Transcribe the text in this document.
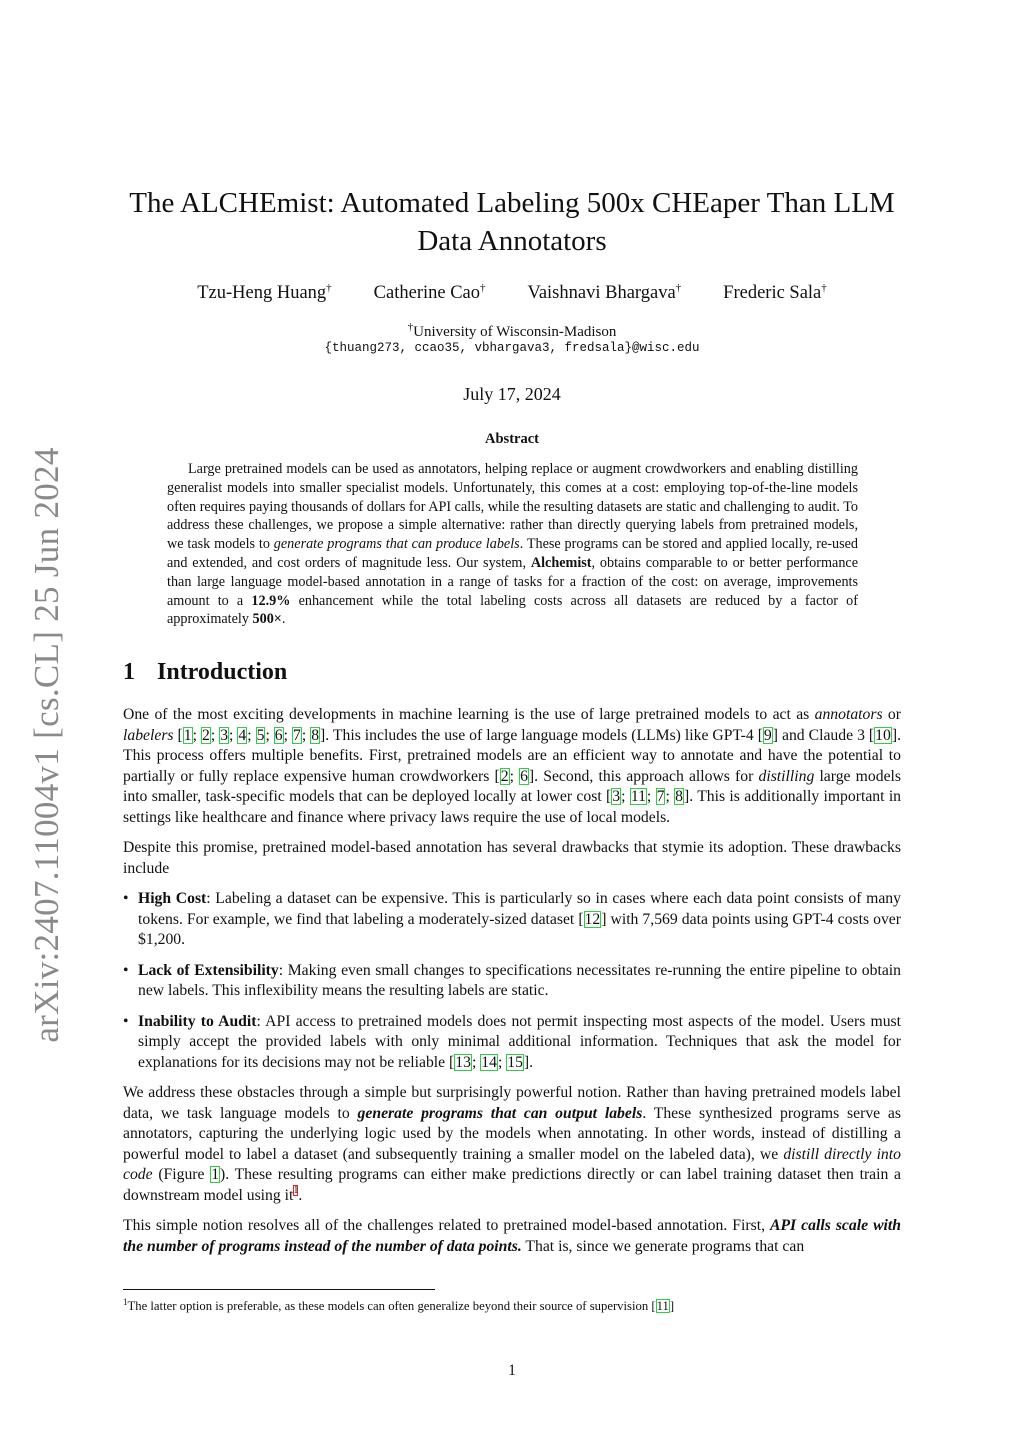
arXiv:2407.11004v1 [cs.CL] 25 Jun 2024
The ALCHEmist: Automated Labeling 500x CHEaper Than LLM
Data Annotators
Tzu-Heng Huang† Catherine Cao† Vaishnavi Bhargava† Frederic Sala†
†University of Wisconsin-Madison
{thuang273, ccao35, vbhargava3, fredsala}@wisc.edu
July 17, 2024
Abstract

Large pretrained models can be used as annotators, helping replace or augment crowdworkers and enabling distilling generalist models into smaller specialist models. Unfortunately, this comes at a cost: employing top-of-the-line models often requires paying thousands of dollars for API calls, while the resulting datasets are static and challenging to audit. To address these challenges, we propose a simple alternative: rather than directly querying labels from pretrained models, we task models to generate programs that can produce labels. These programs can be stored and applied locally, re-used and extended, and cost orders of magnitude less. Our system, Alchemist, obtains comparable to or better performance than large language model-based annotation in a range of tasks for a fraction of the cost: on average, improvements amount to a 12.9% enhancement while the total labeling costs across all datasets are reduced by a factor of approximately 500×.

1 Introduction

One of the most exciting developments in machine learning is the use of large pretrained models to act as annotators or labelers [1; 2; 3; 4; 5; 6; 7; 8]. This includes the use of large language models (LLMs) like GPT-4 [9] and Claude 3 [10]. This process offers multiple benefits. First, pretrained models are an efficient way to annotate and have the potential to partially or fully replace expensive human crowdworkers [2; 6]. Second, this approach allows for distilling large models into smaller, task-specific models that can be deployed locally at lower cost [3; 11; 7; 8]. This is additionally important in settings like healthcare and finance where privacy laws require the use of local models.

Despite this promise, pretrained model-based annotation has several drawbacks that stymie its adoption. These drawbacks include

• High Cost: Labeling a dataset can be expensive. This is particularly so in cases where each data point consists of many tokens. For example, we find that labeling a moderately-sized dataset [12] with 7,569 data points using GPT-4 costs over $1,200.
• Lack of Extensibility: Making even small changes to specifications necessitates re-running the entire pipeline to obtain new labels. This inflexibility means the resulting labels are static.
• Inability to Audit: API access to pretrained models does not permit inspecting most aspects of the model. Users must simply accept the provided labels with only minimal additional information. Techniques that ask the model for explanations for its decisions may not be reliable [13; 14; 15].

We address these obstacles through a simple but surprisingly powerful notion. Rather than having pretrained models label data, we task language models to generate programs that can output labels. These synthesized programs serve as annotators, capturing the underlying logic used by the models when annotating. In other words, instead of distilling a powerful model to label a dataset (and subsequently training a smaller model on the labeled data), we distill directly into code (Figure 1). These resulting programs can either make predictions directly or can label training dataset then train a downstream model using it$^1$.

This simple notion resolves all of the challenges related to pretrained model-based annotation. First, API calls scale with the number of programs instead of the number of data points. That is, since we generate programs that can

$^1$The latter option is preferable, as these models can often generalize beyond their source of supervision [11]
1
